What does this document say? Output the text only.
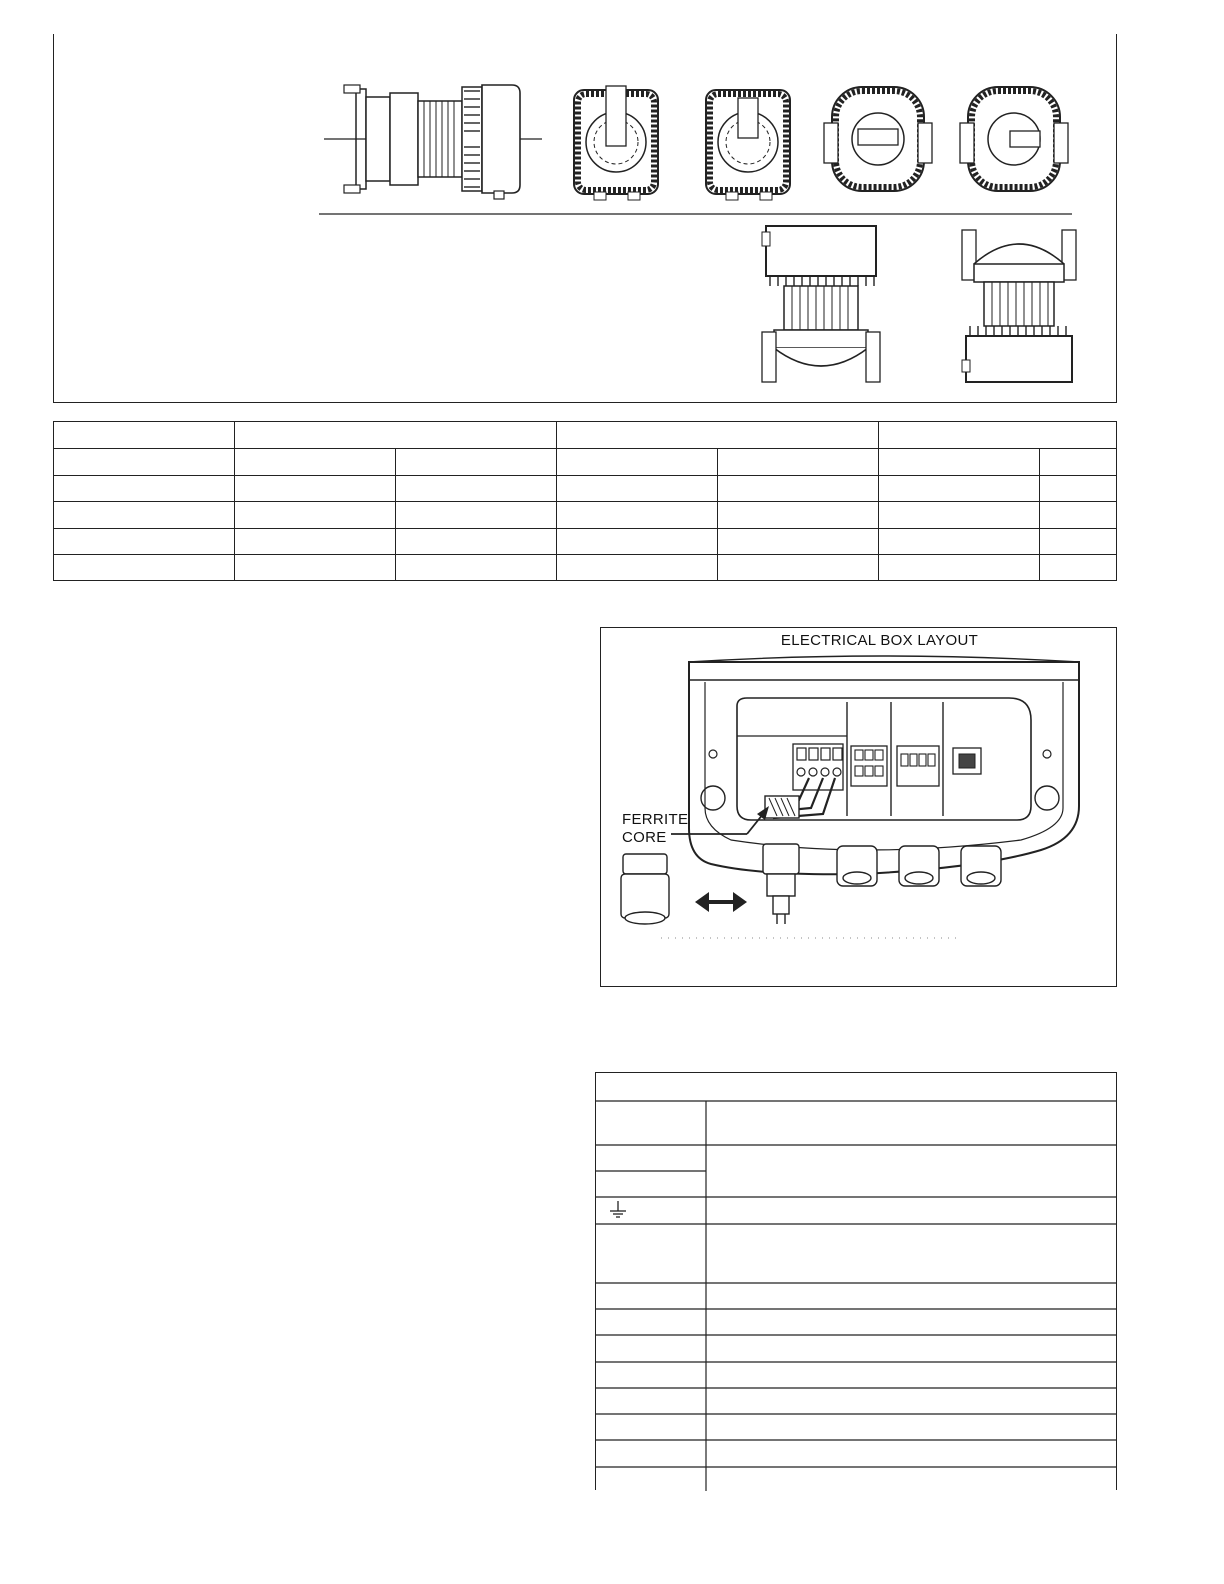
ELECTRICAL BOX LAYOUT
FERRITE
CORE
